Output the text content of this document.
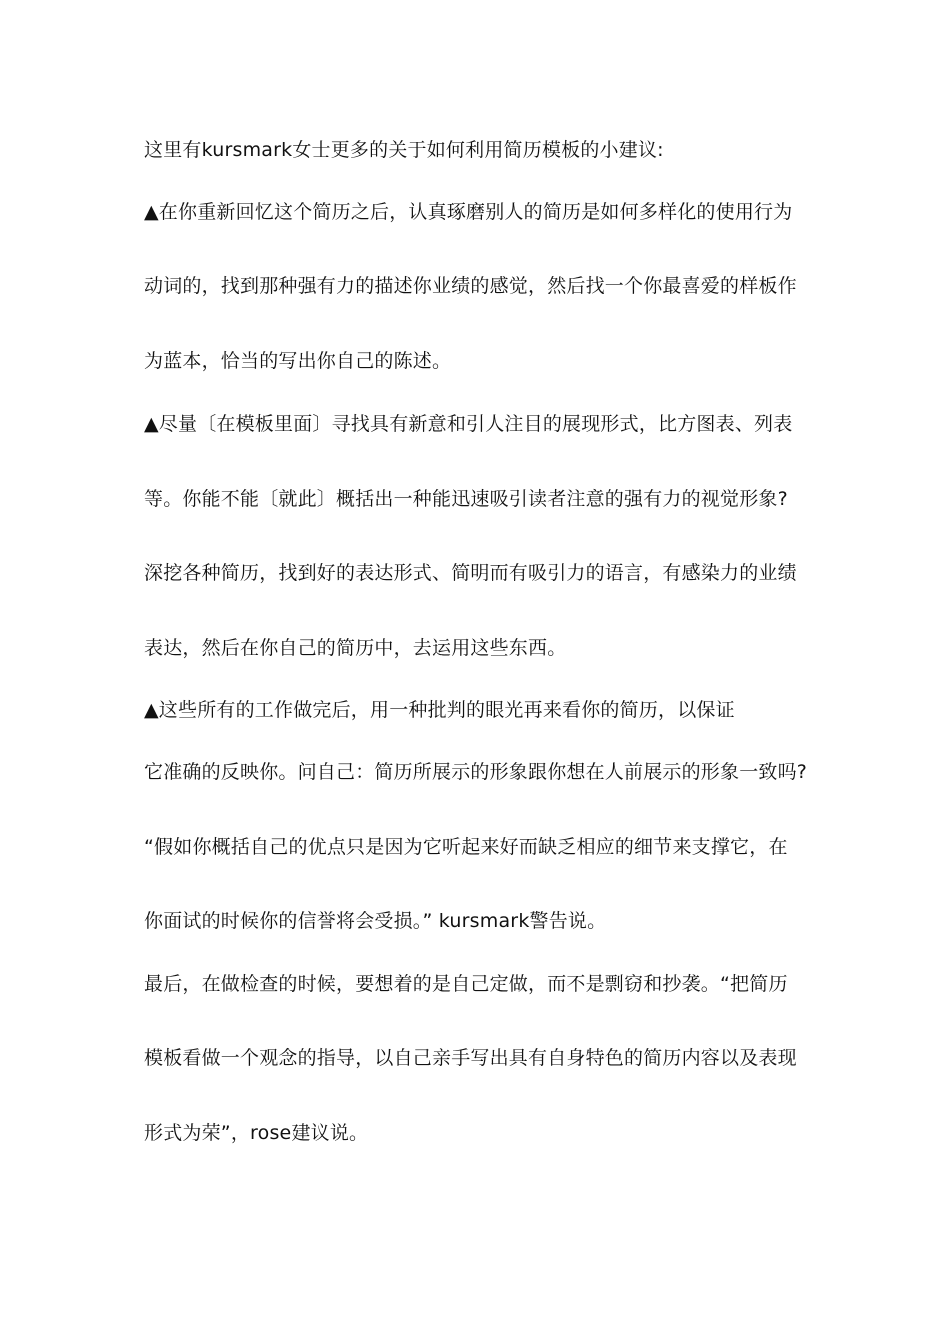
这里有kursmark女士更多的关于如何利用简历模板的小建议:
▲在你重新回忆这个简历之后，认真琢磨别人的简历是如何多样化的使用行为
动词的，找到那种强有力的描述你业绩的感觉，然后找一个你最喜爱的样板作
为蓝本，恰当的写出你自己的陈述。
▲尽量〔在模板里面〕寻找具有新意和引人注目的展现形式，比方图表、列表
等。你能不能〔就此〕概括出一种能迅速吸引读者注意的强有力的视觉形象?
深挖各种简历，找到好的表达形式、简明而有吸引力的语言，有感染力的业绩
表达，然后在你自己的简历中，去运用这些东西。
▲这些所有的工作做完后，用一种批判的眼光再来看你的简历，以保证
它准确的反映你。问自己：简历所展示的形象跟你想在人前展示的形象一致吗?
“假如你概括自己的优点只是因为它听起来好而缺乏相应的细节来支撑它，在
你面试的时候你的信誉将会受损。” kursmark警告说。
最后，在做检查的时候，要想着的是自己定做，而不是剽窃和抄袭。“把简历
模板看做一个观念的指导，以自己亲手写出具有自身特色的简历内容以及表现
形式为荣”，rose建议说。
